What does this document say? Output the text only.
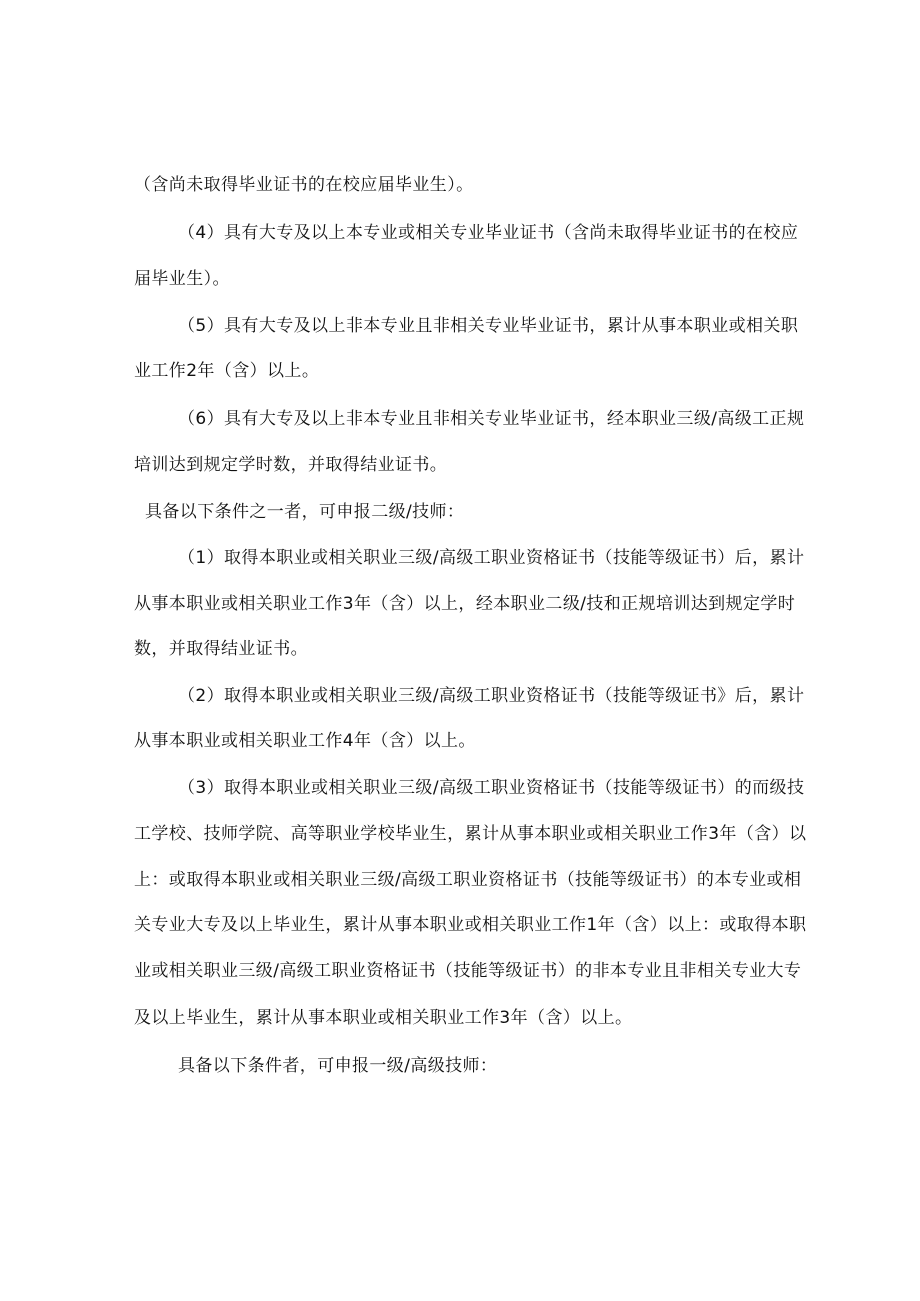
（含尚未取得毕业证书的在校应届毕业生）。
（4）具有大专及以上本专业或相关专业毕业证书（含尚未取得毕业证书的在校应
届毕业生）。
（5）具有大专及以上非本专业且非相关专业毕业证书，累计从事本职业或相关职
业工作2年（含）以上。
（6）具有大专及以上非本专业且非相关专业毕业证书，经本职业三级/高级工正规
培训达到规定学时数，并取得结业证书。
具备以下条件之一者，可申报二级/技师：
（1）取得本职业或相关职业三级/高级工职业资格证书（技能等级证书）后，累计
从事本职业或相关职业工作3年（含）以上，经本职业二级/技和正规培训达到规定学时
数，并取得结业证书。
（2）取得本职业或相关职业三级/高级工职业资格证书（技能等级证书》后，累计
从事本职业或相关职业工作4年（含）以上。
（3）取得本职业或相关职业三级/高级工职业资格证书（技能等级证书）的而级技
工学校、技师学院、高等职业学校毕业生，累计从事本职业或相关职业工作3年（含）以
上：或取得本职业或相关职业三级/高级工职业资格证书（技能等级证书）的本专业或相
关专业大专及以上毕业生，累计从事本职业或相关职业工作1年（含）以上：或取得本职
业或相关职业三级/高级工职业资格证书（技能等级证书）的非本专业且非相关专业大专
及以上毕业生，累计从事本职业或相关职业工作3年（含）以上。
具备以下条件者，可申报一级/高级技师：
